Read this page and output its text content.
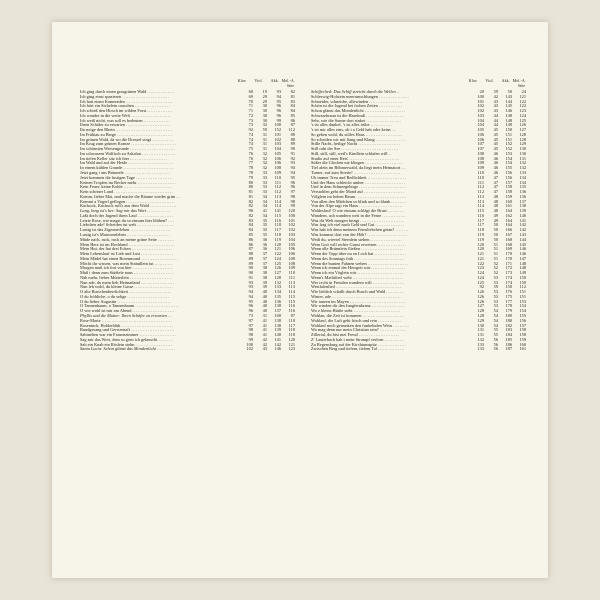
Klav. Viol. Akk. Mel.-A.
Seite
Ich ging durch einen grasgrünen Wald ................	60	19	93	82
Ich ging einst spazieren ............................	69	29	94	81
Ich hatt einen Kameraden ............................	70	29	95	83
Ich hört ein Sichelein rauschen .....................	71	30	96	84
Ich schieß den Hirsch im wilden Forst ...............	71	30	96	84
Ich wandre in die weite Welt ........................	72	30	96	85
Ich weiß nicht, was soll es bedeuten ................	73	30	99	86
Ihren Schäfer zu erwarten ...........................	73	32	100	87
Ihr möge den Rhein ..................................	92	59	152	112
Im Frühtau zu Berge .................................	74	31	101	88
Im grünen Wald, da wo die Drossel singt .............	74	31	102	88
Im Krug zum grünen Kranze ...........................	74	31	103	89
Im schönsten Wiesengrunde ...........................	75	31	104	90
Im schwarzen Walfisch zu Askalon ....................	76	32	105	91
Im tiefen Keller sitz ich hier ......................	76	32	106	92
Im Wald und auf der Heide ...........................	77	32	106	93
In einem kühlen Grunde ..............................	78	32	108	94
Jetzt gang i ans Brünnele ...........................	78	33	109	94
Jetzt kommen die lustigen Tage ......................	79	33	110	95
Keinen Tropfen im Becher mehr .......................	80	33	111	96
Kein Feuer, keine Kohle .............................	80	33	112	96
Kein schöner Land ...................................	81	33	112	97
Komm, lieber Mai, und mache die Bäume wieder grün ...	81	34	113	98
Kommt a Vogerl geflogen .............................	82	34	114	98
Kuckuck, Kuckuck ruft's aus dem Wald ................	82	34	114	99
Lang, lang ist's her: Sag mir das Wort ..............	90	41	141	120
Laßt doch der Jugend ihren Lauf .....................	82	34	115	100
Letzte Rose, wie magst du so einsam hier blühen? ....	83	35	116	101
Liebchen ade! Scheiden tut weh ......................	84	35	118	102
Lustig ist das Zigeunerleben ........................	84	35	117	102
Lustig ist's Matrosenleben ..........................	85	35	118	103
Müde nach, ruck, ruck an meine grüne Seite ..........	86	36	119	104
Mein Herz ist im Hochland ...........................	86	36	120	105
Mein Hut, der hat drei Ecken ........................	87	36	121	106
Mein Lebenslauf ist Lieb und Lust ...................	88	37	122	106
Mein Mädel hat einen Rosenmund ......................	89	37	124	108
Möcht ihr wissen, was mein Sträußlein tut ...........	89	37	125	108
Morgen muß ich fort von hier ........................	90	38	126	109
Muß i denn zum Städtele naus ........................	90	38	127	110
Näh mehr, liebes Mütterlein .........................	91	38	128	111
Nun ade, du mein lieb Heimatland ....................	93	39	132	113
Nun leb wohl, du kleine Gasse .......................	93	39	133	113
O alte Burschenherrlichkeit .........................	94	40	134	114
O du fröhliche, o du selige .........................	94	40	135	115
O du lieber Augustin ................................	95	40	136	115
O Tannenbaum, o Tannenbaum ..........................	96	40	138	116
O wie wohl ist mir am Abend .........................	96	40	137	116
Phyllis und die Mutter: Ihren Schäfer zu erwarten ...	73	31	100	87
Rose-Marie ..........................................	97	41	138	110
Roseninck, Holderblüh ...............................	97	41	138	117
Rundgesang und Gerstensaft ..........................	98	41	139	118
Sabinehen war ein Frauenzimmer ......................	98	41	140	118
Sag mir das Wort, dem so gern ich gelauscht .........	99	42	141	120
Sah ein Knab ein Röslein stehn ......................	100	42	142	121
Santa Lucia: Schon glänzt das Mondenlicht ...........	102	43	146	123
Klav. Viol. Akk. Mel.-A.
Seite
Schifferlied: Das Schiff streicht durch die Wellen ..	20	59	50	24
Schleswig-Holstein meerumschlungen ..................	100	42	143	121
Schneider, schneidre, allewinden ....................	101	43	144	122
Schön ist die Jugend bei frohen Zeiten ..............	102	43	145	122
Schon glänzt das Mondenlicht ........................	102	43	146	123
Schwarzbraun ist die Haselnuß .......................	103	44	148	124
Sehr, wie die Sonne dort sinket .....................	104	44	148	125
's ist alles dunkel, 's ist alles trübe .............	104	44	149	126
's ist mir alles eins, ob i a Geld hab oder keins ...	105	45	150	127
So geben wohl, du stilles Haus ......................	106	45	151	128
So scheiden wir mit Sang und Klang ..................	106	45	151	128
Stille Nacht, heilige Nacht .........................	107	45	152	129
Still ruht der See ..................................	107	45	152	130
Still, still, still, weil's Kindlein schlafen will ..	108	46	153	130
Studio auf einer Reis' ..............................	108	46	154	131
Süßer die Glocken nie klingen .......................	109	46	154	132
Tief alein im Böhmerwald, da liegt mein Heimatort ...	109	46	155	132
Turner, auf zum Streite! ............................	110	46	156	133
Ub immer Treu und Redlichkeit .......................	110	47	156	134
Und der Hans schleicht umher ........................	111	47	157	134
Und in dem Schneegebirge ............................	112	47	158	135
Verstohlen geht der Mond auf ........................	112	47	158	136
Völglein im hohen Baum ..............................	113	48	159	136
Von allen den Mädchen so blink und so blank .........	113	48	160	137
Von der Alpe ragt ein Haus ..........................	114	48	161	138
Waldeslust! O wie einsam schlägt die Brust ..........	115	48	164	139
Wandern, ach wandern weit in die Ferne ..............	116	49	162	140
Was dir Welt morgen bringt ..........................	117	49	164	141
Was frag ich viel nach Geld und Gut .................	117	50	164	142
Was hab ich denn meinem Feinsliebchen getan? ........	118	50	166	142
Was kommst dort von der Höh? ........................	119	50	167	143
Weiß du, wieviel Sternlein stehen ...................	119	50	168	144
Wem Gott will rechte Gunst erweisen .................	120	51	168	145
Wenn alle Brünnlein fließen .........................	120	51	169	146
Wenn der Topp über nu en Loch hat ...................	121	51	170	146
Wenn des Sonntags früh ..............................	121	51	170	147
Wenn die bunten Fahnen wehen ........................	122	52	171	148
Wenn ich einmal der Herrgott wär ....................	123	52	172	148
Wenn ich ein Vöglein wär ............................	124	52	173	149
Wenn's Mailüfterl weht ..............................	124	53	174	150
Wer recht in Freuden wandern will ...................	125	53	174	150
Westfalenlied .......................................	92	59	150	112
Wie lieblich schallt durch Busch und Wald ...........	126	53	176	151
Winter, ade .........................................	126	53	175	151
Wir tanzen im Mayen .................................	126	53	177	153
Wir winden dir den Jungfernkranz ....................	127	53	178	154
Wo e kleins Hüttle steht ............................	128	54	179	154
Wohlan, die Zeit ist kommen .........................	128	54	180	155
Wohlauf, die Luft geht frisch und rein ..............	129	54	180	156
Wohlauf noch getrunken den funkelnden Wein ..........	130	54	182	157
Wo mag denn nur mein Christian sein? ................	131	55	183	158
Zillertal, du bist mei Freud ........................	131	55	184	158
Z' Lauterbach hab i mein Strumpf verlorn ............	132	56	185	159
Zu Regensburg auf der Kirchtumspitz .................	133	56	186	160
Zwischen Berg und tiefem, tiefem Tal ................	133	56	187	161
